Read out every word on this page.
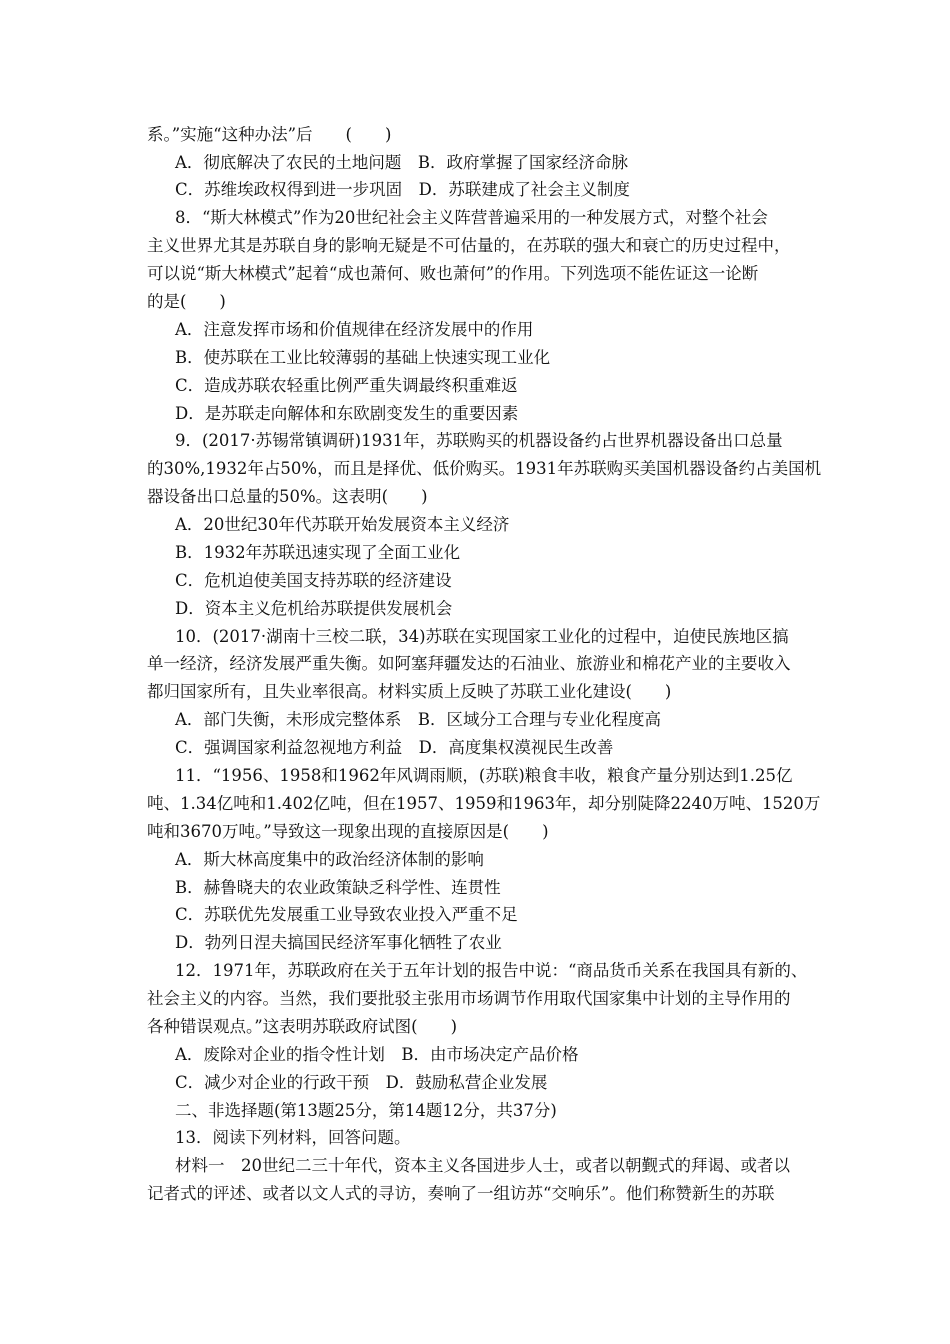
系。”实施“这种办法”后　　(　　)

A．彻底解决了农民的土地问题　B．政府掌握了国家经济命脉

C．苏维埃政权得到进一步巩固　D．苏联建成了社会主义制度

8．“斯大林模式”作为20世纪社会主义阵营普遍采用的一种发展方式，对整个社会

主义世界尤其是苏联自身的影响无疑是不可估量的，在苏联的强大和衰亡的历史过程中，

可以说“斯大林模式”起着“成也萧何、败也萧何”的作用。下列选项不能佐证这一论断

的是(　　)

A．注意发挥市场和价值规律在经济发展中的作用

B．使苏联在工业比较薄弱的基础上快速实现工业化

C．造成苏联农轻重比例严重失调最终积重难返

D．是苏联走向解体和东欧剧变发生的重要因素

9．(2017·苏锡常镇调研)1931年，苏联购买的机器设备约占世界机器设备出口总量

的30%,1932年占50%，而且是择优、低价购买。1931年苏联购买美国机器设备约占美国机

器设备出口总量的50%。这表明(　　)

A．20世纪30年代苏联开始发展资本主义经济

B．1932年苏联迅速实现了全面工业化

C．危机迫使美国支持苏联的经济建设

D．资本主义危机给苏联提供发展机会

10．(2017·湖南十三校二联，34)苏联在实现国家工业化的过程中，迫使民族地区搞

单一经济，经济发展严重失衡。如阿塞拜疆发达的石油业、旅游业和棉花产业的主要收入

都归国家所有，且失业率很高。材料实质上反映了苏联工业化建设(　　)

A．部门失衡，未形成完整体系　B．区域分工合理与专业化程度高

C．强调国家利益忽视地方利益　D．高度集权漠视民生改善

11．“1956、1958和1962年风调雨顺，(苏联)粮食丰收，粮食产量分别达到1.25亿

吨、1.34亿吨和1.402亿吨，但在1957、1959和1963年，却分别陡降2240万吨、1520万

吨和3670万吨。”导致这一现象出现的直接原因是(　　)

A．斯大林高度集中的政治经济体制的影响

B．赫鲁晓夫的农业政策缺乏科学性、连贯性

C．苏联优先发展重工业导致农业投入严重不足

D．勃列日涅夫搞国民经济军事化牺牲了农业

12．1971年，苏联政府在关于五年计划的报告中说：“商品货币关系在我国具有新的、

社会主义的内容。当然，我们要批驳主张用市场调节作用取代国家集中计划的主导作用的

各种错误观点。”这表明苏联政府试图(　　)

A．废除对企业的指令性计划　B．由市场决定产品价格

C．减少对企业的行政干预　D．鼓励私营企业发展

二、非选择题(第13题25分，第14题12分，共37分)

13．阅读下列材料，回答问题。

材料一　20世纪二三十年代，资本主义各国进步人士，或者以朝觐式的拜谒、或者以

记者式的评述、或者以文人式的寻访，奏响了一组访苏“交响乐”。他们称赞新生的苏联
